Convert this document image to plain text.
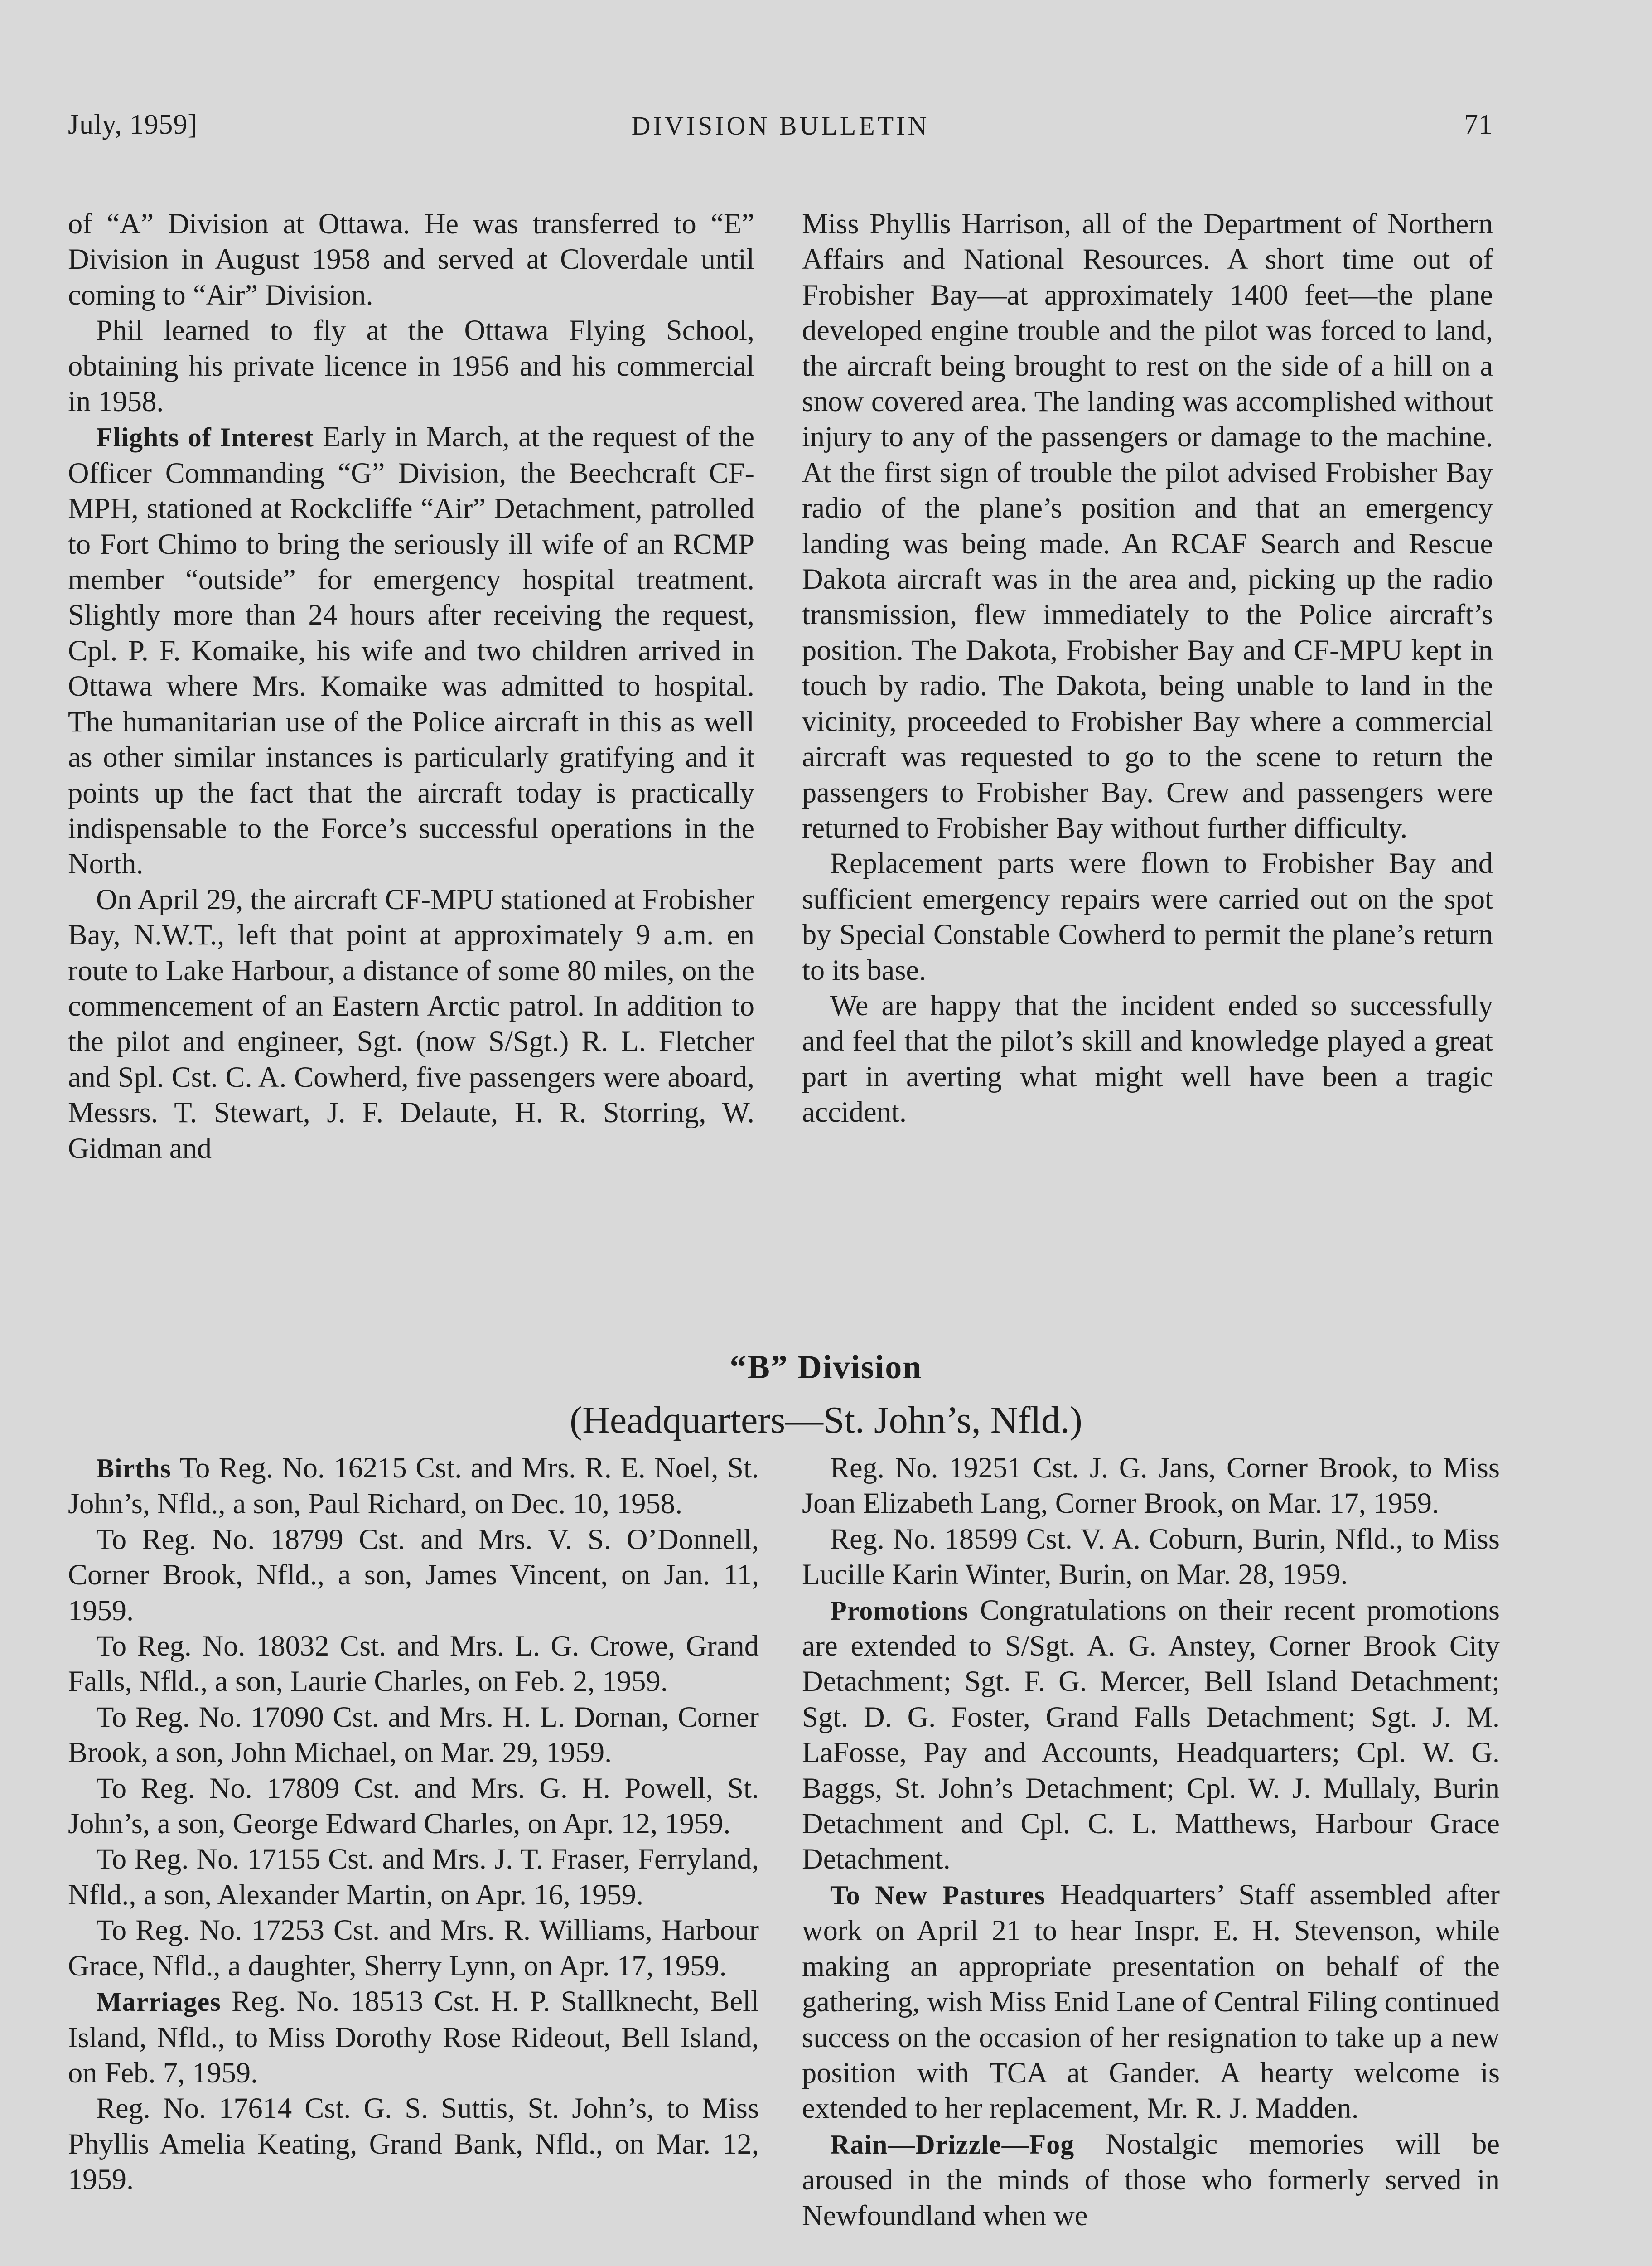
July, 1959]	DIVISION BULLETIN	71

of “A” Division at Ottawa. He was transferred to “E” Division in August 1958 and served at Cloverdale until coming to “Air” Division.

Phil learned to fly at the Ottawa Flying School, obtaining his private licence in 1956 and his commercial in 1958.

Flights of Interest Early in March, at the request of the Officer Commanding “G” Division, the Beechcraft CF-MPH, stationed at Rockcliffe “Air” Detachment, patrolled to Fort Chimo to bring the seriously ill wife of an RCMP member “outside” for emergency hospital treatment. Slightly more than 24 hours after receiving the request, Cpl. P. F. Komaike, his wife and two children arrived in Ottawa where Mrs. Komaike was admitted to hospital. The humanitarian use of the Police aircraft in this as well as other similar instances is particularly gratifying and it points up the fact that the aircraft today is practically indispensable to the Force’s successful operations in the North.

On April 29, the aircraft CF-MPU stationed at Frobisher Bay, N.W.T., left that point at approximately 9 a.m. en route to Lake Harbour, a distance of some 80 miles, on the commencement of an Eastern Arctic patrol. In addition to the pilot and engineer, Sgt. (now S/Sgt.) R. L. Fletcher and Spl. Cst. C. A. Cowherd, five passengers were aboard, Messrs. T. Stewart, J. F. Delaute, H. R. Storring, W. Gidman and

Miss Phyllis Harrison, all of the Department of Northern Affairs and National Resources. A short time out of Frobisher Bay—at approximately 1400 feet—the plane developed engine trouble and the pilot was forced to land, the aircraft being brought to rest on the side of a hill on a snow covered area. The landing was accomplished without injury to any of the passengers or damage to the machine. At the first sign of trouble the pilot advised Frobisher Bay radio of the plane’s position and that an emergency landing was being made. An RCAF Search and Rescue Dakota aircraft was in the area and, picking up the radio transmission, flew immediately to the Police aircraft’s position. The Dakota, Frobisher Bay and CF-MPU kept in touch by radio. The Dakota, being unable to land in the vicinity, proceeded to Frobisher Bay where a commercial aircraft was requested to go to the scene to return the passengers to Frobisher Bay. Crew and passengers were returned to Frobisher Bay without further difficulty.

Replacement parts were flown to Frobisher Bay and sufficient emergency repairs were carried out on the spot by Special Constable Cowherd to permit the plane’s return to its base.

We are happy that the incident ended so successfully and feel that the pilot’s skill and knowledge played a great part in averting what might well have been a tragic accident.

“B” Division
(Headquarters—St. John’s, Nfld.)

Births To Reg. No. 16215 Cst. and Mrs. R. E. Noel, St. John’s, Nfld., a son, Paul Richard, on Dec. 10, 1958.

To Reg. No. 18799 Cst. and Mrs. V. S. O’Donnell, Corner Brook, Nfld., a son, James Vincent, on Jan. 11, 1959.

To Reg. No. 18032 Cst. and Mrs. L. G. Crowe, Grand Falls, Nfld., a son, Laurie Charles, on Feb. 2, 1959.

To Reg. No. 17090 Cst. and Mrs. H. L. Dornan, Corner Brook, a son, John Michael, on Mar. 29, 1959.

To Reg. No. 17809 Cst. and Mrs. G. H. Powell, St. John’s, a son, George Edward Charles, on Apr. 12, 1959.

To Reg. No. 17155 Cst. and Mrs. J. T. Fraser, Ferryland, Nfld., a son, Alexander Martin, on Apr. 16, 1959.

To Reg. No. 17253 Cst. and Mrs. R. Williams, Harbour Grace, Nfld., a daughter, Sherry Lynn, on Apr. 17, 1959.

Marriages Reg. No. 18513 Cst. H. P. Stallknecht, Bell Island, Nfld., to Miss Dorothy Rose Rideout, Bell Island, on Feb. 7, 1959.

Reg. No. 17614 Cst. G. S. Suttis, St. John’s, to Miss Phyllis Amelia Keating, Grand Bank, Nfld., on Mar. 12, 1959.

Reg. No. 19251 Cst. J. G. Jans, Corner Brook, to Miss Joan Elizabeth Lang, Corner Brook, on Mar. 17, 1959.

Reg. No. 18599 Cst. V. A. Coburn, Burin, Nfld., to Miss Lucille Karin Winter, Burin, on Mar. 28, 1959.

Promotions Congratulations on their recent promotions are extended to S/Sgt. A. G. Anstey, Corner Brook City Detachment; Sgt. F. G. Mercer, Bell Island Detachment; Sgt. D. G. Foster, Grand Falls Detachment; Sgt. J. M. LaFosse, Pay and Accounts, Headquarters; Cpl. W. G. Baggs, St. John’s Detachment; Cpl. W. J. Mullaly, Burin Detachment and Cpl. C. L. Matthews, Harbour Grace Detachment.

To New Pastures Headquarters’ Staff assembled after work on April 21 to hear Inspr. E. H. Stevenson, while making an appropriate presentation on behalf of the gathering, wish Miss Enid Lane of Central Filing continued success on the occasion of her resignation to take up a new position with TCA at Gander. A hearty welcome is extended to her replacement, Mr. R. J. Madden.

Rain—Drizzle—Fog Nostalgic memories will be aroused in the minds of those who formerly served in Newfoundland when we
